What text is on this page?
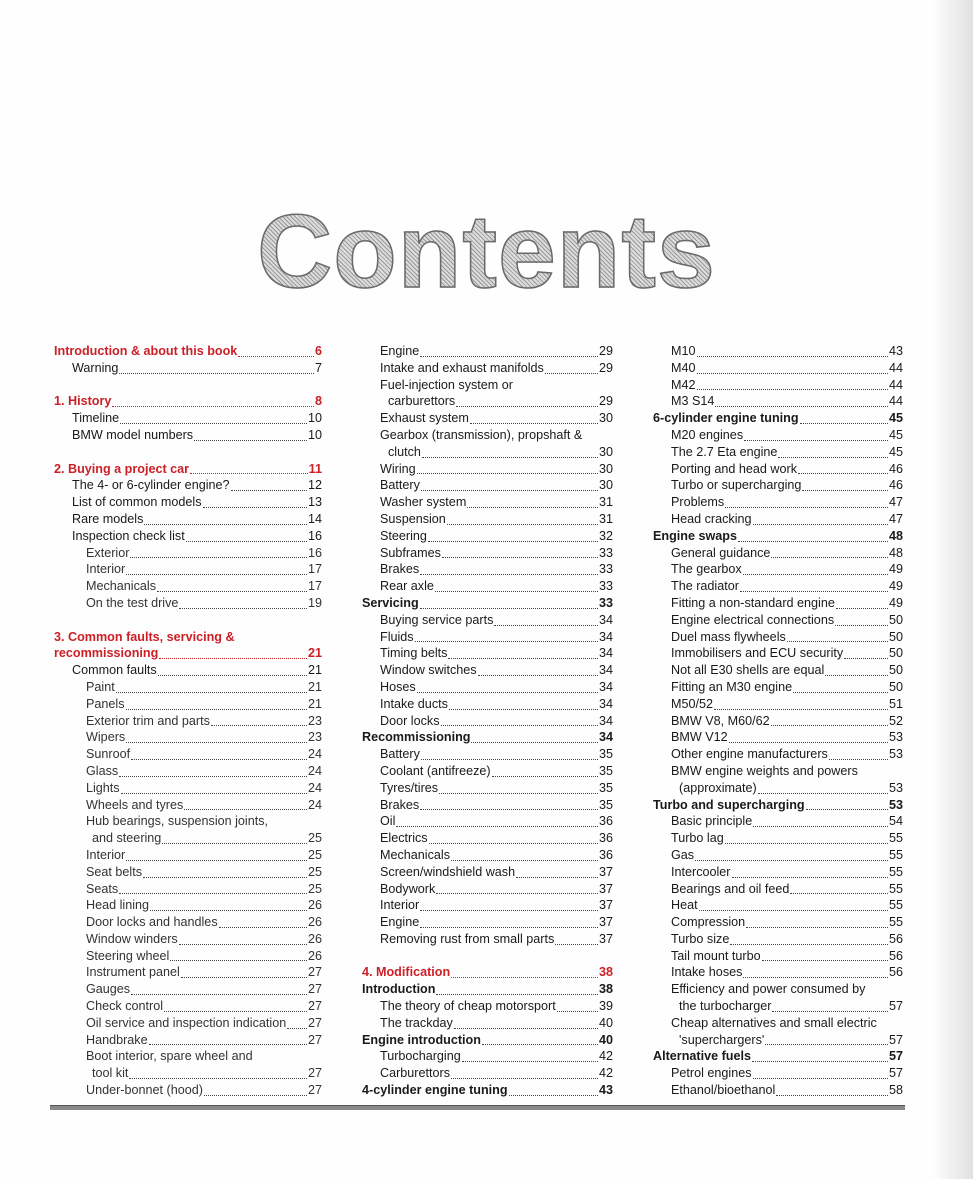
Contents
Introduction & about this book	6
Warning	7
1. History	8
Timeline	10
BMW model numbers	10
2. Buying a project car	11
The 4- or 6-cylinder engine?	12
List of common models	13
Rare models	14
Inspection check list	16
Exterior	16
Interior	17
Mechanicals	17
On the test drive	19
3. Common faults, servicing &
recommissioning	21
Common faults	21
Paint	21
Panels	21
Exterior trim and parts	23
Wipers	23
Sunroof	24
Glass	24
Lights	24
Wheels and tyres	24
Hub bearings, suspension joints,
and steering	25
Interior	25
Seat belts	25
Seats	25
Head lining	26
Door locks and handles	26
Window winders	26
Steering wheel	26
Instrument panel	27
Gauges	27
Check control	27
Oil service and inspection indication 27
Handbrake	27
Boot interior, spare wheel and
tool kit	27
Under-bonnet (hood)	27
Engine	29
Intake and exhaust manifolds	29
Fuel-injection system or
carburettors	29
Exhaust system	30
Gearbox (transmission), propshaft &
clutch	30
Wiring	30
Battery	30
Washer system	31
Suspension	31
Steering	32
Subframes	33
Brakes	33
Rear axle	33
Servicing	33
Buying service parts	34
Fluids	34
Timing belts	34
Window switches	34
Hoses	34
Intake ducts	34
Door locks	34
Recommissioning	34
Battery	35
Coolant (antifreeze)	35
Tyres/tires	35
Brakes	35
Oil	36
Electrics	36
Mechanicals	36
Screen/windshield wash	37
Bodywork	37
Interior	37
Engine	37
Removing rust from small parts	37
4. Modification	38
Introduction	38
The theory of cheap motorsport	39
The trackday	40
Engine introduction	40
Turbocharging	42
Carburettors	42
4-cylinder engine tuning	43
M10	43
M40	44
M42	44
M3 S14	44
6-cylinder engine tuning	45
M20 engines	45
The 2.7 Eta engine	45
Porting and head work	46
Turbo or supercharging	46
Problems	47
Head cracking	47
Engine swaps	48
General guidance	48
The gearbox	49
The radiator	49
Fitting a non-standard engine	49
Engine electrical connections	50
Duel mass flywheels	50
Immobilisers and ECU security	50
Not all E30 shells are equal	50
Fitting an M30 engine	50
M50/52	51
BMW V8, M60/62	52
BMW V12	53
Other engine manufacturers	53
BMW engine weights and powers
(approximate)	53
Turbo and supercharging	53
Basic principle	54
Turbo lag	55
Gas	55
Intercooler	55
Bearings and oil feed	55
Heat	55
Compression	55
Turbo size	56
Tail mount turbo	56
Intake hoses	56
Efficiency and power consumed by
the turbocharger	57
Cheap alternatives and small electric
'superchargers'	57
Alternative fuels	57
Petrol engines	57
Ethanol/bioethanol	58
